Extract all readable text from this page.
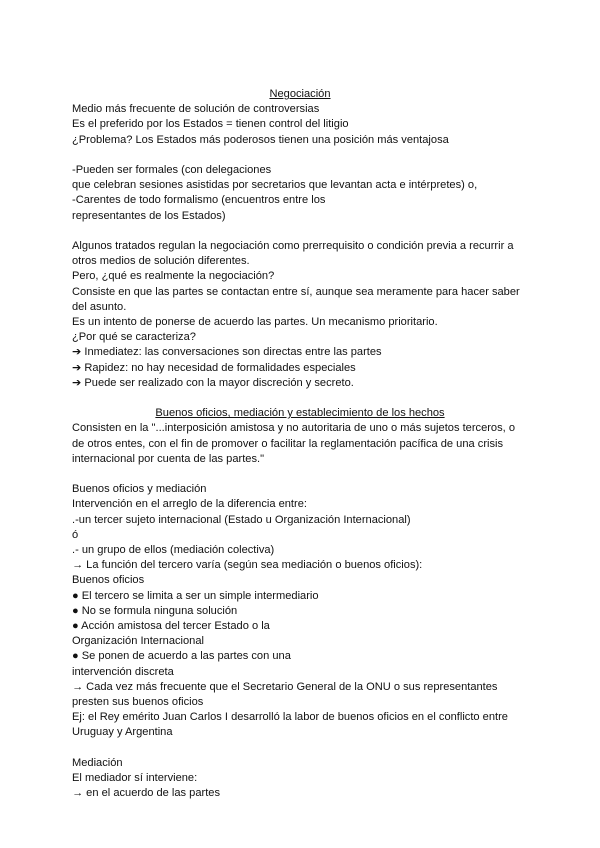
Negociación

Medio más frecuente de solución de controversias

Es el preferido por los Estados = tienen control del litigio

¿Problema? Los Estados más poderosos tienen una posición más ventajosa

-Pueden ser formales (con delegaciones

que celebran sesiones asistidas por secretarios que levantan acta e intérpretes) o,

-Carentes de todo formalismo (encuentros entre los

representantes de los Estados)

Algunos tratados regulan la negociación como prerrequisito o condición previa a recurrir a

otros medios de solución diferentes.

Pero, ¿qué es realmente la negociación?

Consiste en que las partes se contactan entre sí, aunque sea meramente para hacer saber

del asunto.

Es un intento de ponerse de acuerdo las partes. Un mecanismo prioritario.

¿Por qué se caracteriza?

➔ Inmediatez: las conversaciones son directas entre las partes

➔ Rapidez: no hay necesidad de formalidades especiales

➔ Puede ser realizado con la mayor discreción y secreto.

Buenos oficios, mediación y establecimiento de los hechos

Consisten en la "...interposición amistosa y no autoritaria de uno o más sujetos terceros, o

de otros entes, con el fin de promover o facilitar la reglamentación pacífica de una crisis

internacional por cuenta de las partes."

Buenos oficios y mediación

Intervención en el arreglo de la diferencia entre:

.-un tercer sujeto internacional (Estado u Organización Internacional)

ó

.- un grupo de ellos (mediación colectiva)

→ La función del tercero varía (según sea mediación o buenos oficios):

Buenos oficios

● El tercero se limita a ser un simple intermediario

● No se formula ninguna solución

● Acción amistosa del tercer Estado o la

Organización Internacional

● Se ponen de acuerdo a las partes con una

intervención discreta

→ Cada vez más frecuente que el Secretario General de la ONU o sus representantes

presten sus buenos oficios

Ej: el Rey emérito Juan Carlos I desarrolló la labor de buenos oficios en el conflicto entre

Uruguay y Argentina

Mediación

El mediador sí interviene:

→ en el acuerdo de las partes
